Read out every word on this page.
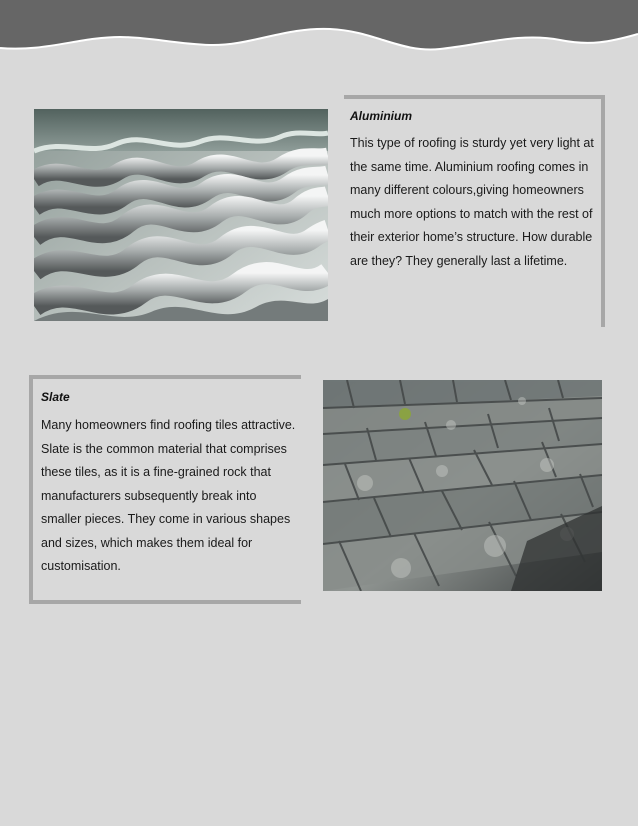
Aluminium
This type of roofing is sturdy yet very light at the same time. Aluminium roofing comes in many different colours,giving homeowners much more options to match with the rest of their exterior home’s structure. How durable are they? They generally last a lifetime.
Slate
Many homeowners find roofing tiles attractive. Slate is the common material that comprises these tiles, as it is a fine-grained rock that manufacturers subsequently break into smaller pieces. They come in various shapes and sizes, which makes them ideal for customisation.
